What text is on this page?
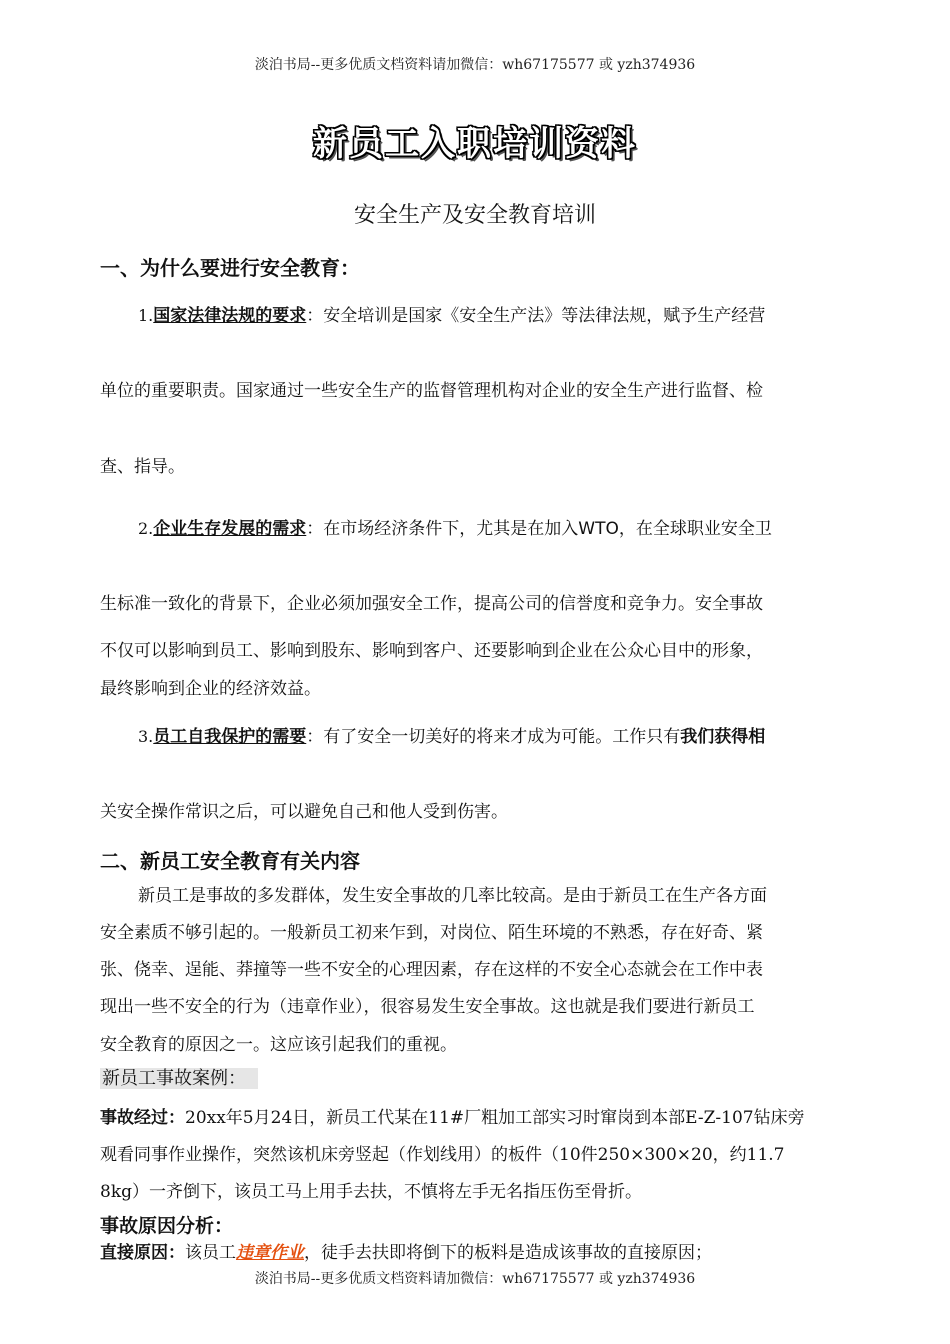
淡泊书局--更多优质文档资料请加微信：wh67175577 或 yzh374936
新员工入职培训资料
安全生产及安全教育培训
一、为什么要进行安全教育：
1.国家法律法规的要求：安全培训是国家《安全生产法》等法律法规，赋予生产经营
单位的重要职责。国家通过一些安全生产的监督管理机构对企业的安全生产进行监督、检
查、指导。
2.企业生存发展的需求：在市场经济条件下，尤其是在加入WTO，在全球职业安全卫
生标准一致化的背景下，企业必须加强安全工作，提高公司的信誉度和竞争力。安全事故
不仅可以影响到员工、影响到股东、影响到客户、还要影响到企业在公众心目中的形象，
最终影响到企业的经济效益。
3.员工自我保护的需要：有了安全一切美好的将来才成为可能。工作只有我们获得相
关安全操作常识之后，可以避免自己和他人受到伤害。
二、新员工安全教育有关内容
新员工是事故的多发群体，发生安全事故的几率比较高。是由于新员工在生产各方面
安全素质不够引起的。一般新员工初来乍到，对岗位、陌生环境的不熟悉，存在好奇、紧
张、侥幸、逞能、莽撞等一些不安全的心理因素，存在这样的不安全心态就会在工作中表
现出一些不安全的行为（违章作业），很容易发生安全事故。这也就是我们要进行新员工
安全教育的原因之一。这应该引起我们的重视。
新员工事故案例：
事故经过：20xx年5月24日，新员工代某在11#厂粗加工部实习时窜岗到本部E-Z-107钻床旁
观看同事作业操作，突然该机床旁竖起（作划线用）的板件（10件250×300×20，约11.7
8kg）一齐倒下，该员工马上用手去扶，不慎将左手无名指压伤至骨折。
事故原因分析：
直接原因：该员工违章作业，徒手去扶即将倒下的板料是造成该事故的直接原因；
淡泊书局--更多优质文档资料请加微信：wh67175577 或 yzh374936
